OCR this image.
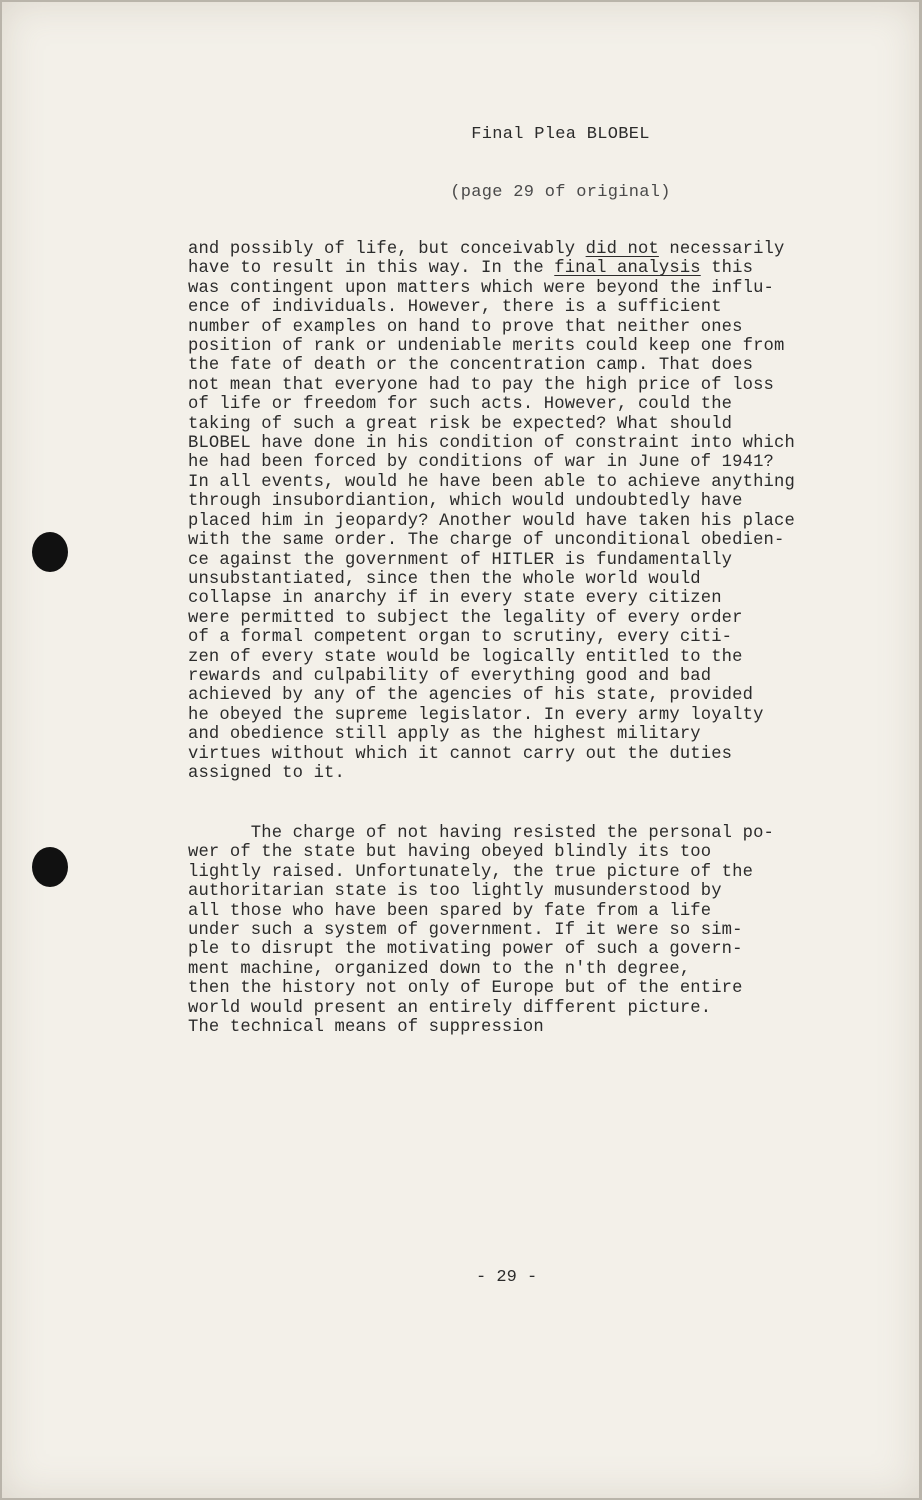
Final Plea BLOBEL
(page 29 of original)
and possibly of life, but conceivably did not necessarily
have to result in this way. In the final analysis this
was contingent upon matters which were beyond the influ-
ence of individuals. However, there is a sufficient
number of examples on hand to prove that neither ones
position of rank or undeniable merits could keep one from
the fate of death or the concentration camp. That does
not mean that everyone had to pay the high price of loss
of life or freedom for such acts. However, could the
taking of such a great risk be expected? What should
BLOBEL have done in his condition of constraint into which
he had been forced by conditions of war in June of 1941?
In all events, would he have been able to achieve anything
through insubordiantion, which would undoubtedly have
placed him in jeopardy? Another would have taken his place
with the same order. The charge of unconditional obedien-
ce against the government of HITLER is fundamentally
unsubstantiated, since then the whole world would
collapse in anarchy if in every state every citizen
were permitted to subject the legality of every order
of a formal competent organ to scrutiny, every citi-
zen of every state would be logically entitled to the
rewards and culpability of everything good and bad
achieved by any of the agencies of his state, provided
he obeyed the supreme legislator. In every army loyalty
and obedience still apply as the highest military
virtues without which it cannot carry out the duties
assigned to it.
The charge of not having resisted the personal po-
wer of the state but having obeyed blindly its too
lightly raised. Unfortunately, the true picture of the
authoritarian state is too lightly musunderstood by
all those who have been spared by fate from a life
under such a system of government. If it were so sim-
ple to disrupt the motivating power of such a govern-
ment machine, organized down to the n'th degree,
then the history not only of Europe but of the entire
world would present an entirely different picture.
The technical means of suppression
- 29 -
